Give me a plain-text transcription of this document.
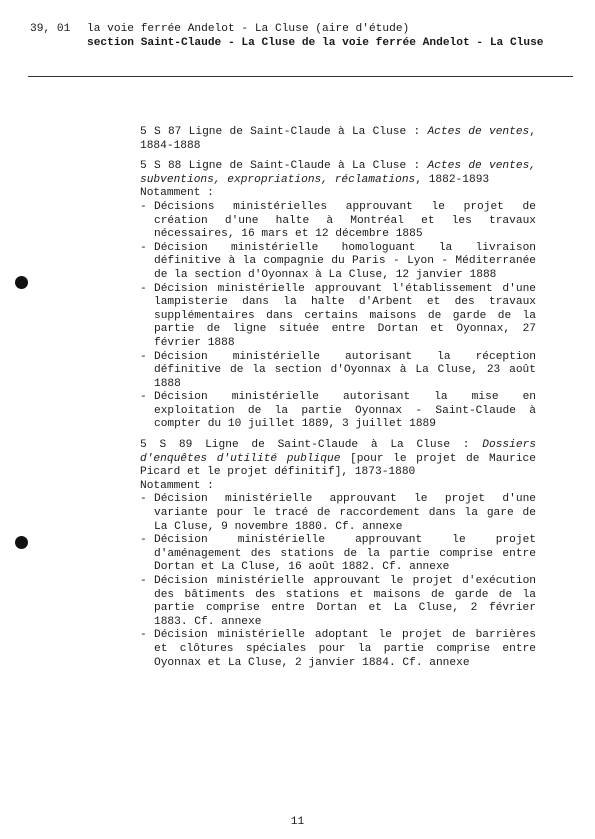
39, 01 la voie ferrée Andelot - La Cluse (aire d'étude)
section Saint-Claude - La Cluse de la voie ferrée Andelot - La Cluse
5 S 87 Ligne de Saint-Claude à La Cluse : Actes de ventes, 1884-1888
5 S 88 Ligne de Saint-Claude à La Cluse : Actes de ventes, subventions, expropriations, réclamations, 1882-1893
Notamment :
- Décisions ministérielles approuvant le projet de création d'une halte à Montréal et les travaux nécessaires, 16 mars et 12 décembre 1885
- Décision ministérielle homologuant la livraison définitive à la compagnie du Paris - Lyon - Méditerranée de la section d'Oyonnax à La Cluse, 12 janvier 1888
- Décision ministérielle approuvant l'établissement d'une lampisterie dans la halte d'Arbent et des travaux supplémentaires dans certains maisons de garde de la partie de ligne située entre Dortan et Oyonnax, 27 février 1888
- Décision ministérielle autorisant la réception définitive de la section d'Oyonnax à La Cluse, 23 août 1888
- Décision ministérielle autorisant la mise en exploitation de la partie Oyonnax - Saint-Claude à compter du 10 juillet 1889, 3 juillet 1889
5 S 89 Ligne de Saint-Claude à La Cluse : Dossiers d'enquêtes d'utilité publique [pour le projet de Maurice Picard et le projet définitif], 1873-1880
Notamment :
- Décision ministérielle approuvant le projet d'une variante pour le tracé de raccordement dans la gare de La Cluse, 9 novembre 1880. Cf. annexe
- Décision ministérielle approuvant le projet d'aménagement des stations de la partie comprise entre Dortan et La Cluse, 16 août 1882. Cf. annexe
- Décision ministérielle approuvant le projet d'exécution des bâtiments des stations et maisons de garde de la partie comprise entre Dortan et La Cluse, 2 février 1883. Cf. annexe
- Décision ministérielle adoptant le projet de barrières et clôtures spéciales pour la partie comprise entre Oyonnax et La Cluse, 2 janvier 1884. Cf. annexe
11
